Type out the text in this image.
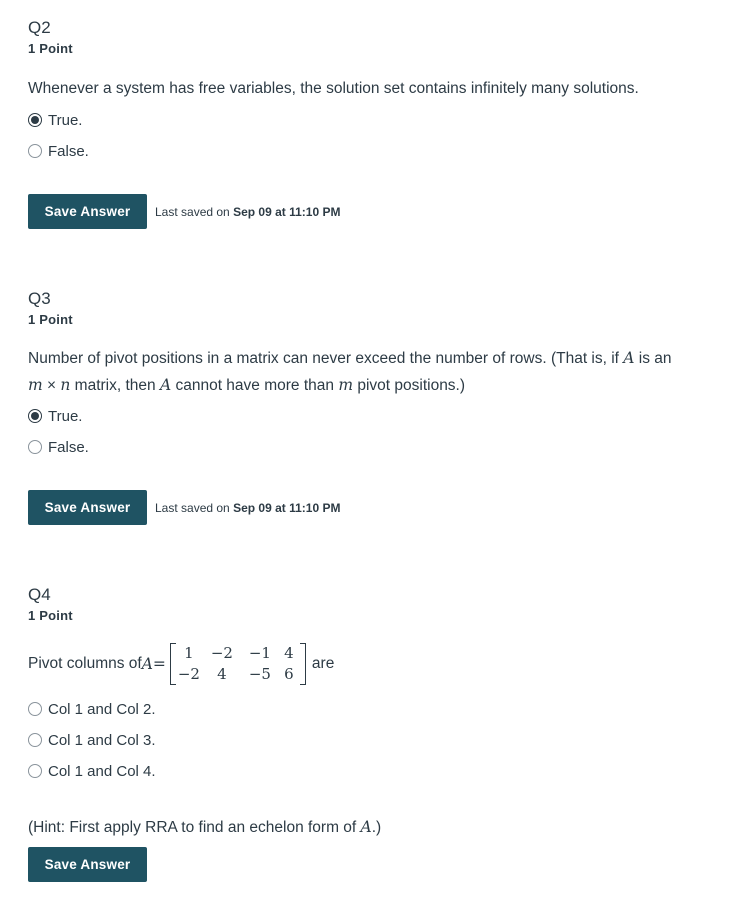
Q2
1 Point
Whenever a system has free variables, the solution set contains infinitely many solutions.
True.
False.
Save Answer	Last saved on Sep 09 at 11:10 PM
Q3
1 Point
Number of pivot positions in a matrix can never exceed the number of rows. (That is, if A is an
m × n matrix, then A cannot have more than m pivot positions.)
True.
False.
Save Answer	Last saved on Sep 09 at 11:10 PM
Q4
1 Point
Pivot columns of A =
1	−2	−1 4
−2	4	−5 6
are
Col 1 and Col 2.
Col 1 and Col 3.
Col 1 and Col 4.
(Hint: First apply RRA to find an echelon form of A.)
Save Answer
